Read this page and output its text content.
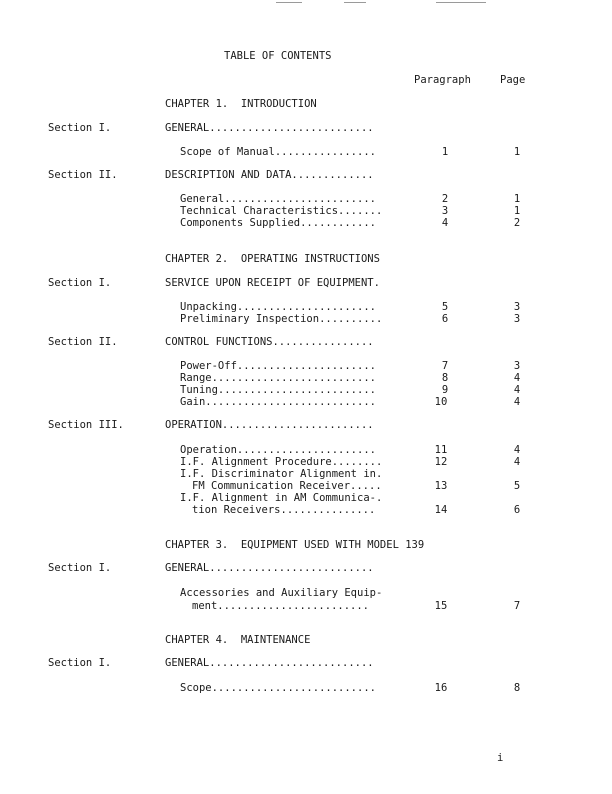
TABLE OF CONTENTS
Paragraph	Page
CHAPTER 1.  INTRODUCTION
Section I.	GENERAL..........................
Scope of Manual................	1	1
Section II.	DESCRIPTION AND DATA.............
General........................	2	1
Technical Characteristics.......	3	1
Components Supplied............	4	2
CHAPTER 2.  OPERATING INSTRUCTIONS
Section I.	SERVICE UPON RECEIPT OF EQUIPMENT.
Unpacking......................	5	3
Preliminary Inspection..........	6	3
Section II.	CONTROL FUNCTIONS................
Power-Off......................	7	3
Range..........................	8	4
Tuning.........................	9	4
Gain...........................	10	4
Section III.	OPERATION........................
Operation......................	11	4
I.F. Alignment Procedure........	12	4
I.F. Discriminator Alignment in.
FM Communication Receiver.....	13	5
I.F. Alignment in AM Communica-.
tion Receivers...............	14	6
CHAPTER 3.  EQUIPMENT USED WITH MODEL 139
Section I.	GENERAL..........................
Accessories and Auxiliary Equip-
ment........................	15	7
CHAPTER 4.  MAINTENANCE
Section I.	GENERAL..........................
Scope..........................	16	8
i
